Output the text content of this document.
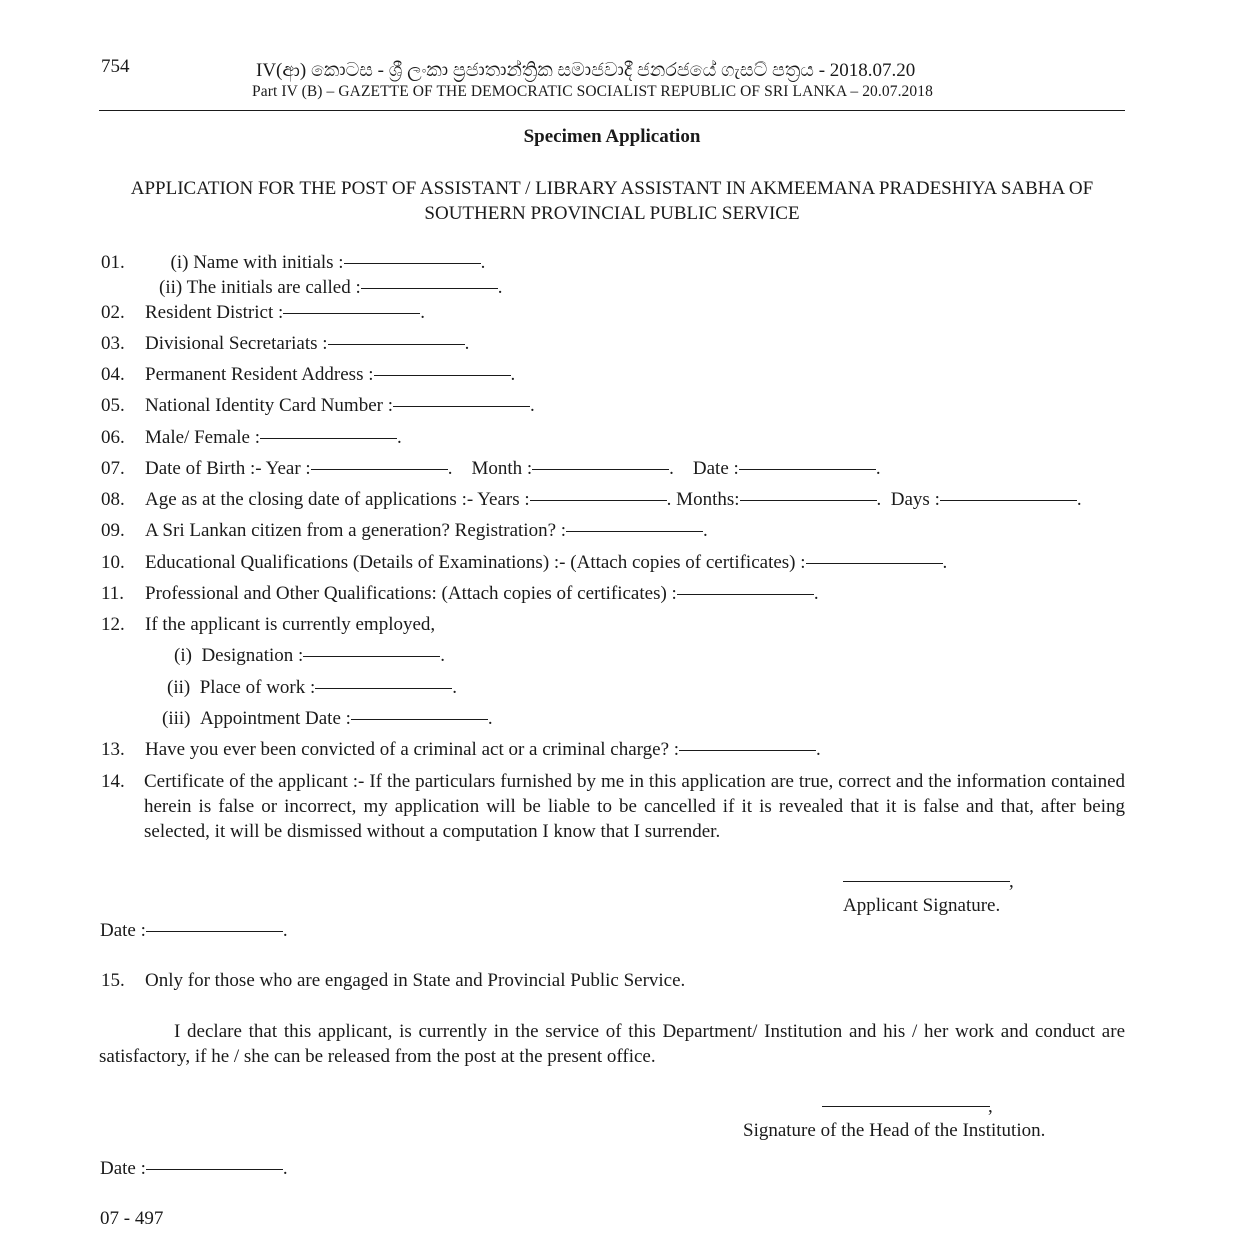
754	IV(ආ) කොටස - ශ්‍රී ලංකා ප්‍රජාතාන්ත්‍රික සමාජවාදී ජනරජයේ ගැසට් පත්‍රය - 2018.07.20
Part IV (B) – GAZETTE OF THE DEMOCRATIC SOCIALIST REPUBLIC OF SRI LANKA – 20.07.2018
Specimen Application
APPLICATION FOR THE POST OF ASSISTANT / LIBRARY ASSISTANT IN AKMEEMANA PRADESHIYA SABHA OF SOUTHERN PROVINCIAL PUBLIC SERVICE
01. (i) Name with initials :	.
(ii) The initials are called :	.
02. Resident District :	.
03. Divisional Secretariats :	.
04. Permanent Resident Address :	.
05. National Identity Card Number :	.
06. Male/ Female :	.
07. Date of Birth :- Year :	.    Month :	.    Date :	.
08. Age as at the closing date of applications :- Years :	. Months:	.  Days :	.
09. A Sri Lankan citizen from a generation? Registration? :	.
10. Educational Qualifications (Details of Examinations) :- (Attach copies of certificates) :	.
11. Professional and Other Qualifications: (Attach copies of certificates) :	.
12. If the applicant is currently employed,
(i) Designation :	.
(ii) Place of work :	.
(iii) Appointment Date :	.
13. Have you ever been convicted of a criminal act or a criminal charge? :	.
14. Certificate of the applicant :- If the particulars furnished by me in this application are true, correct and the information contained herein is false or incorrect, my application will be liable to be cancelled if it is revealed that it is false and that, after being selected, it will be dismissed without a computation I know that I surrender.
,
Applicant Signature.
Date :	.
15. Only for those who are engaged in State and Provincial Public Service.
I declare that this applicant, is currently in the service of this Department/ Institution and his / her work and conduct are satisfactory, if he / she can be released from the post at the present office.
,
Signature of the Head of the Institution.
Date :	.
07 - 497
